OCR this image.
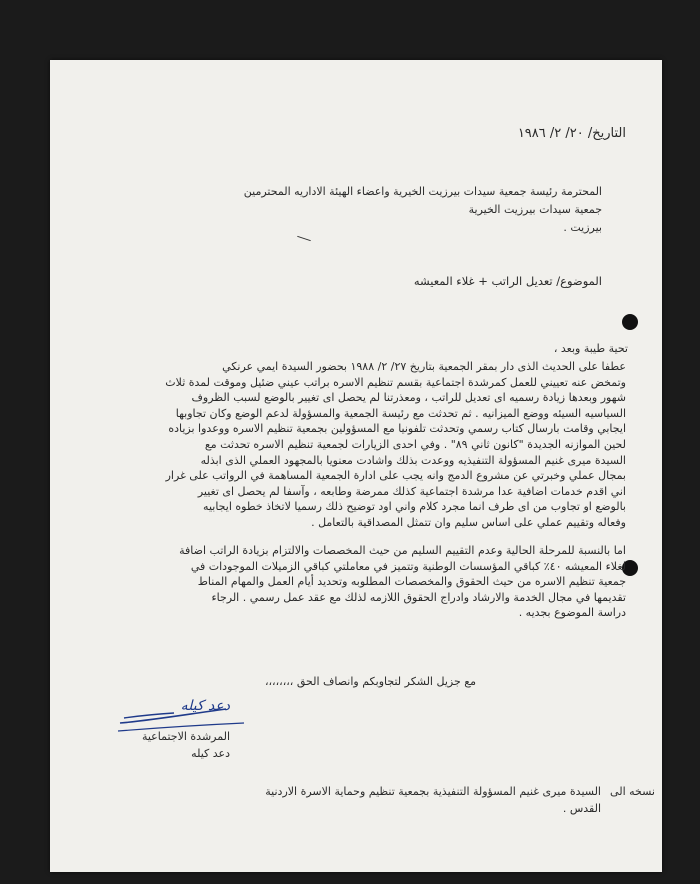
التاريخ/ ٢٠/ ٢/ ١٩٨٦
المحترمة رئيسة جمعية سيدات بيرزيت الخيرية واعضاء الهيئة الاداريه المحترمين
جمعية سيدات بيرزيت الخيرية
بيرزيت .
الموضوع/ تعديل الراتب + غلاء المعيشه
تحية طيبة وبعد ،
عطفا على الحديث الذى دار بمقر الجمعية بتاريخ ٢٧/ ٢/ ١٩٨٨ بحضور السيدة ايمي عرنكي
وتمخض عنه تعييني للعمل كمرشدة اجتماعية بقسم تنظيم الاسره براتب عيني ضئيل وموقت لمدة ثلاث
شهور وبعدها زيادة رسميه اى تعديل للراتب ، ومعذرتنا لم يحصل اى تغيير بالوضع لسبب الظروف
السياسيه السيئه ووضع الميزانيه . ثم تحدثت مع رئيسة الجمعية والمسؤولة لدعم الوضع وكان تجاوبها
ايجابي وقامت بارسال كتاب رسمي وتحدثت تلفونيا مع المسؤولين بجمعية تنظيم الاسره ووعدوا بزياده
لحين الموازنه الجديدة "كانون ثاني ٨٩" . وفي احدى الزيارات لجمعية تنظيم الاسره تحدثت مع
السيدة ميرى غنيم المسؤولة التنفيذيه ووعدت بذلك واشادت معنويا بالمجهود العملي الذى ابذله
بمجال عملي وخبرتي عن مشروع الدمج وانه يجب على ادارة الجمعية المساهمة في الرواتب على غرار
اني اقدم خدمات اضافية عدا مرشدة اجتماعية كذلك ممرضة وطابعه ، وآسفا لم يحصل اى تغيير
بالوضع او تجاوب من اى طرف انما مجرد كلام واني اود توضيح ذلك رسميا لاتخاذ خطوه ايجابيه
وفعاله وتقييم عملي على اساس سليم وان تتمثل المصداقية بالتعامل .
اما بالنسبة للمرحلة الحالية وعدم التقييم السليم من حيث المخصصات والالتزام بزيادة الراتب اضافة
لغلاء المعيشه ٤٠٪ كباقي المؤسسات الوطنية وتتميز في معاملتي كباقي الزميلات الموجودات في
جمعية تنظيم الاسره من حيث الحقوق والمخصصات المطلوبه وتحديد أيام العمل والمهام المناط
تقديمها في مجال الخدمة والارشاد وادراج الحقوق اللازمه لذلك مع عقد عمل رسمي . الرجاء
دراسة الموضوع بجديه .
مع جزيل الشكر لتجاوبكم وانصاف الحق ،،،،،،،،
دعد كيله
المرشدة الاجتماعية
دعد كيله
نسخه الى
السيدة ميرى غنيم المسؤولة التنفيذية بجمعية تنظيم وحماية الاسرة الاردنية
القدس .
